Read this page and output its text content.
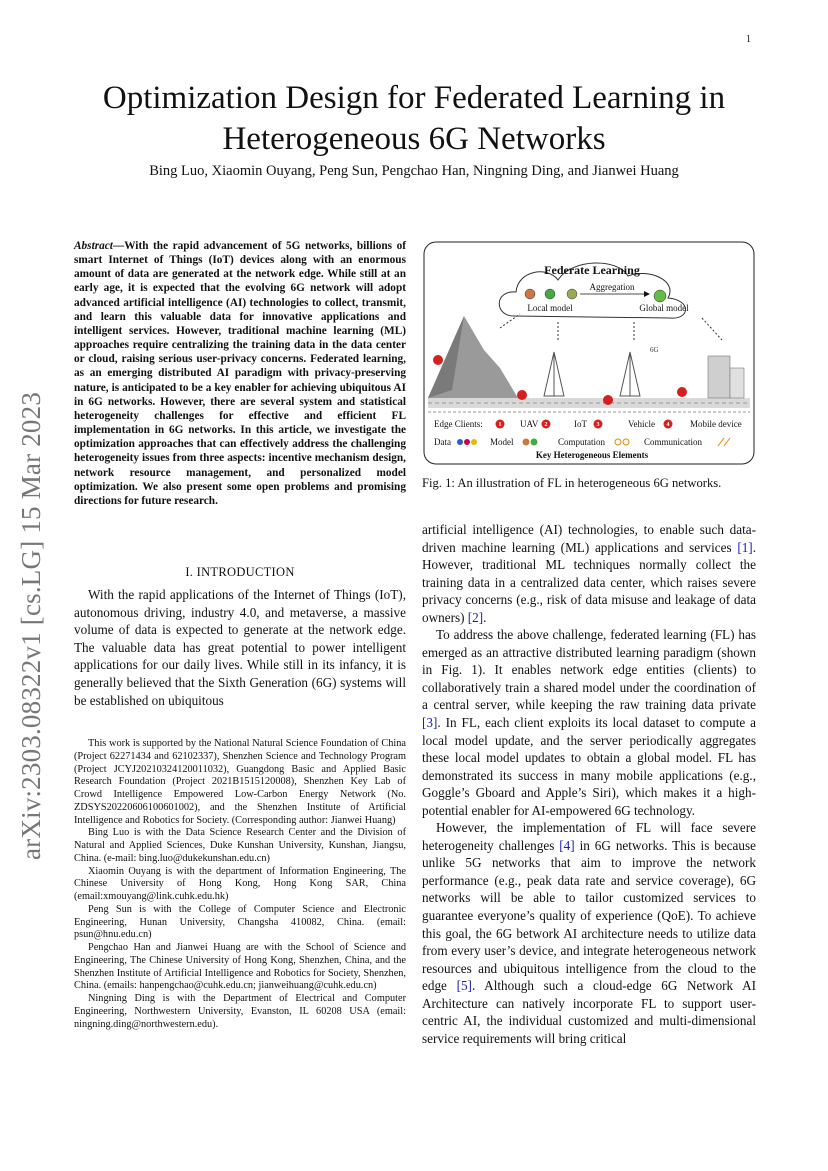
1
arXiv:2303.08322v1 [cs.LG] 15 Mar 2023
Optimization Design for Federated Learning in Heterogeneous 6G Networks
Bing Luo, Xiaomin Ouyang, Peng Sun, Pengchao Han, Ningning Ding, and Jianwei Huang
Abstract—With the rapid advancement of 5G networks, billions of smart Internet of Things (IoT) devices along with an enormous amount of data are generated at the network edge. While still at an early age, it is expected that the evolving 6G network will adopt advanced artificial intelligence (AI) technologies to collect, transmit, and learn this valuable data for innovative applications and intelligent services. However, traditional machine learning (ML) approaches require centralizing the training data in the data center or cloud, raising serious user-privacy concerns. Federated learning, as an emerging distributed AI paradigm with privacy-preserving nature, is anticipated to be a key enabler for achieving ubiquitous AI in 6G networks. However, there are several system and statistical heterogeneity challenges for effective and efficient FL implementation in 6G networks. In this article, we investigate the optimization approaches that can effectively address the challenging heterogeneity issues from three aspects: incentive mechanism design, network resource management, and personalized model optimization. We also present some open problems and promising directions for future research.
I. INTRODUCTION

With the rapid applications of the Internet of Things (IoT), autonomous driving, industry 4.0, and metaverse, a massive volume of data is expected to generate at the network edge. The valuable data has great potential to power intelligent applications for our daily lives. While still in its infancy, it is generally believed that the Sixth Generation (6G) systems will be established on ubiquitous

This work is supported by the National Natural Science Foundation of China (Project 62271434 and 62102337), Shenzhen Science and Technology Program (Project JCYJ20210324120011032), Guangdong Basic and Applied Basic Research Foundation (Project 2021B1515120008), Shenzhen Key Lab of Crowd Intelligence Empowered Low-Carbon Energy Network (No. ZDSYS20220606100601002), and the Shenzhen Institute of Artificial Intelligence and Robotics for Society. (Corresponding author: Jianwei Huang)

Bing Luo is with the Data Science Research Center and the Division of Natural and Applied Sciences, Duke Kunshan University, Kunshan, Jiangsu, China. (e-mail: bing.luo@dukekunshan.edu.cn)

Xiaomin Ouyang is with the department of Information Engineering, The Chinese University of Hong Kong, Hong Kong SAR, China (email:xmouyang@link.cuhk.edu.hk)

Peng Sun is with the College of Computer Science and Electronic Engineering, Hunan University, Changsha 410082, China. (email: psun@hnu.edu.cn)

Pengchao Han and Jianwei Huang are with the School of Science and Engineering, The Chinese University of Hong Kong, Shenzhen, China, and the Shenzhen Institute of Artificial Intelligence and Robotics for Society, Shenzhen, China. (emails: hanpengchao@cuhk.edu.cn; jianweihuang@cuhk.edu.cn)

Ningning Ding is with the Department of Electrical and Computer Engineering, Northwestern University, Evanston, IL 60208 USA (email: ningning.ding@northwestern.edu).

Federate Learning
Aggregation
Local model	Global model
6G
Edge Clients:	UAV	IoT	Vehicle	Mobile device
1	2	3	4
Data	Model	Computation	Communication
Key Heterogeneous Elements
Fig. 1: An illustration of FL in heterogeneous 6G networks.

artificial intelligence (AI) technologies, to enable such data-driven machine learning (ML) applications and services [1]. However, traditional ML techniques normally collect the training data in a centralized data center, which raises severe privacy concerns (e.g., risk of data misuse and leakage of data owners) [2].

To address the above challenge, federated learning (FL) has emerged as an attractive distributed learning paradigm (shown in Fig. 1). It enables network edge entities (clients) to collaboratively train a shared model under the coordination of a central server, while keeping the raw training data private [3]. In FL, each client exploits its local dataset to compute a local model update, and the server periodically aggregates these local model updates to obtain a global model. FL has demonstrated its success in many mobile applications (e.g., Goggle’s Gboard and Apple’s Siri), which makes it a high-potential enabler for AI-empowered 6G technology.

However, the implementation of FL will face severe heterogeneity challenges [4] in 6G networks. This is because unlike 5G networks that aim to improve the network performance (e.g., peak data rate and service coverage), 6G networks will be able to tailor customized services to guarantee everyone’s quality of experience (QoE). To achieve this goal, the 6G betwork AI architecture needs to utilize data from every user’s device, and integrate heterogeneous network resources and ubiquitous intelligence from the cloud to the edge [5]. Although such a cloud-edge 6G Network AI Architecture can natively incorporate FL to support user-centric AI, the individual customized and multi-dimensional service requirements will bring critical
